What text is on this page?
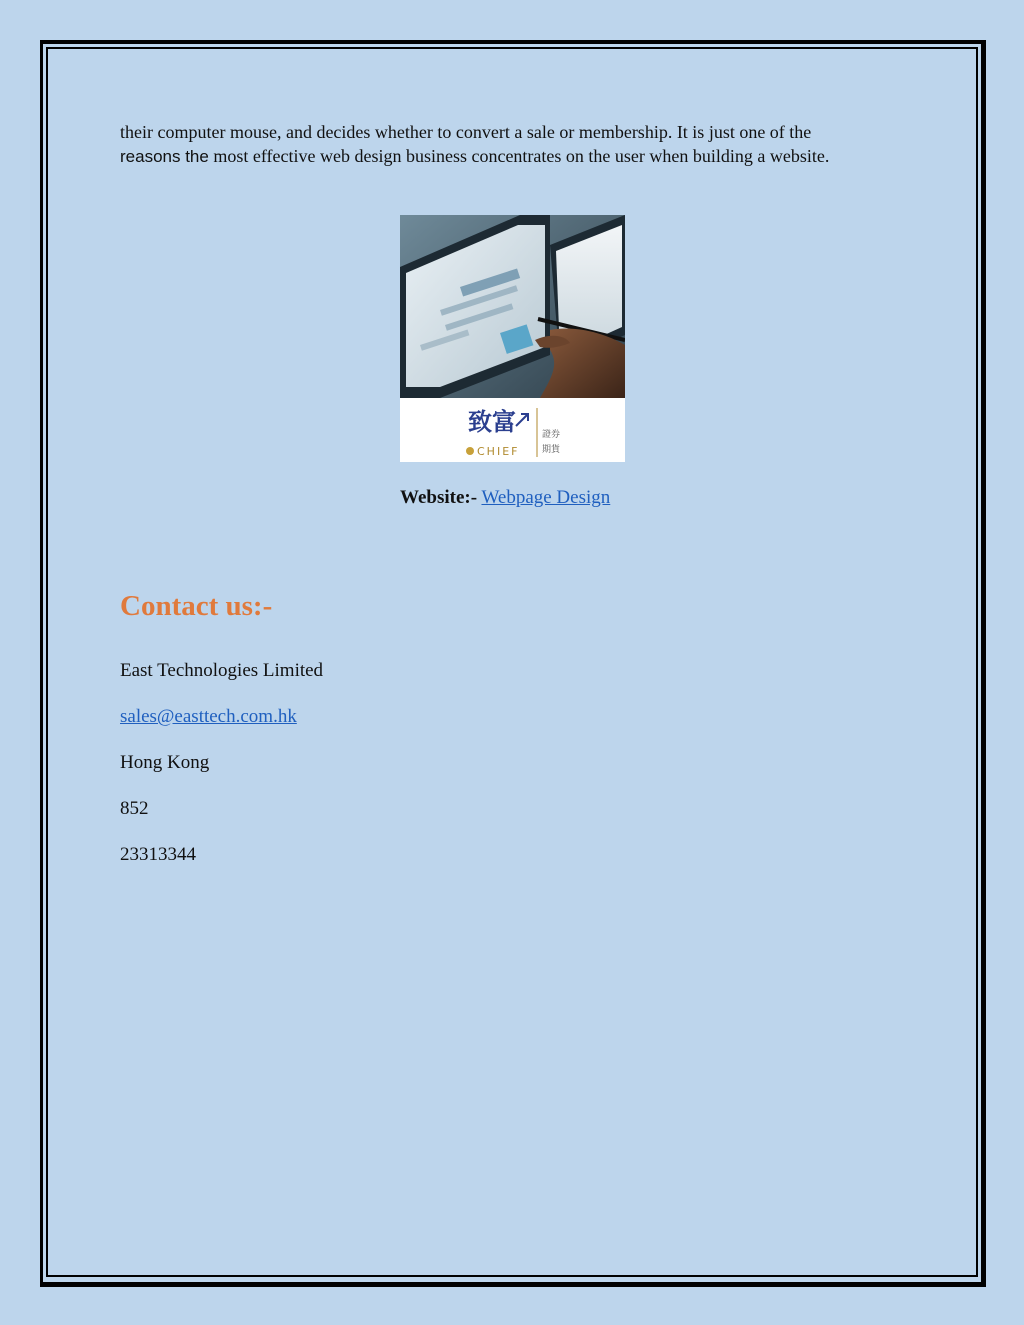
their computer mouse, and decides whether to convert a sale or membership. It is just one of the

reasons the most effective web design business concentrates on the user when building a website.

致富
CHIEF
證券
期貨
Website:- Webpage Design
Contact us:-

East Technologies Limited

sales@easttech.com.hk

Hong Kong

852

23313344
